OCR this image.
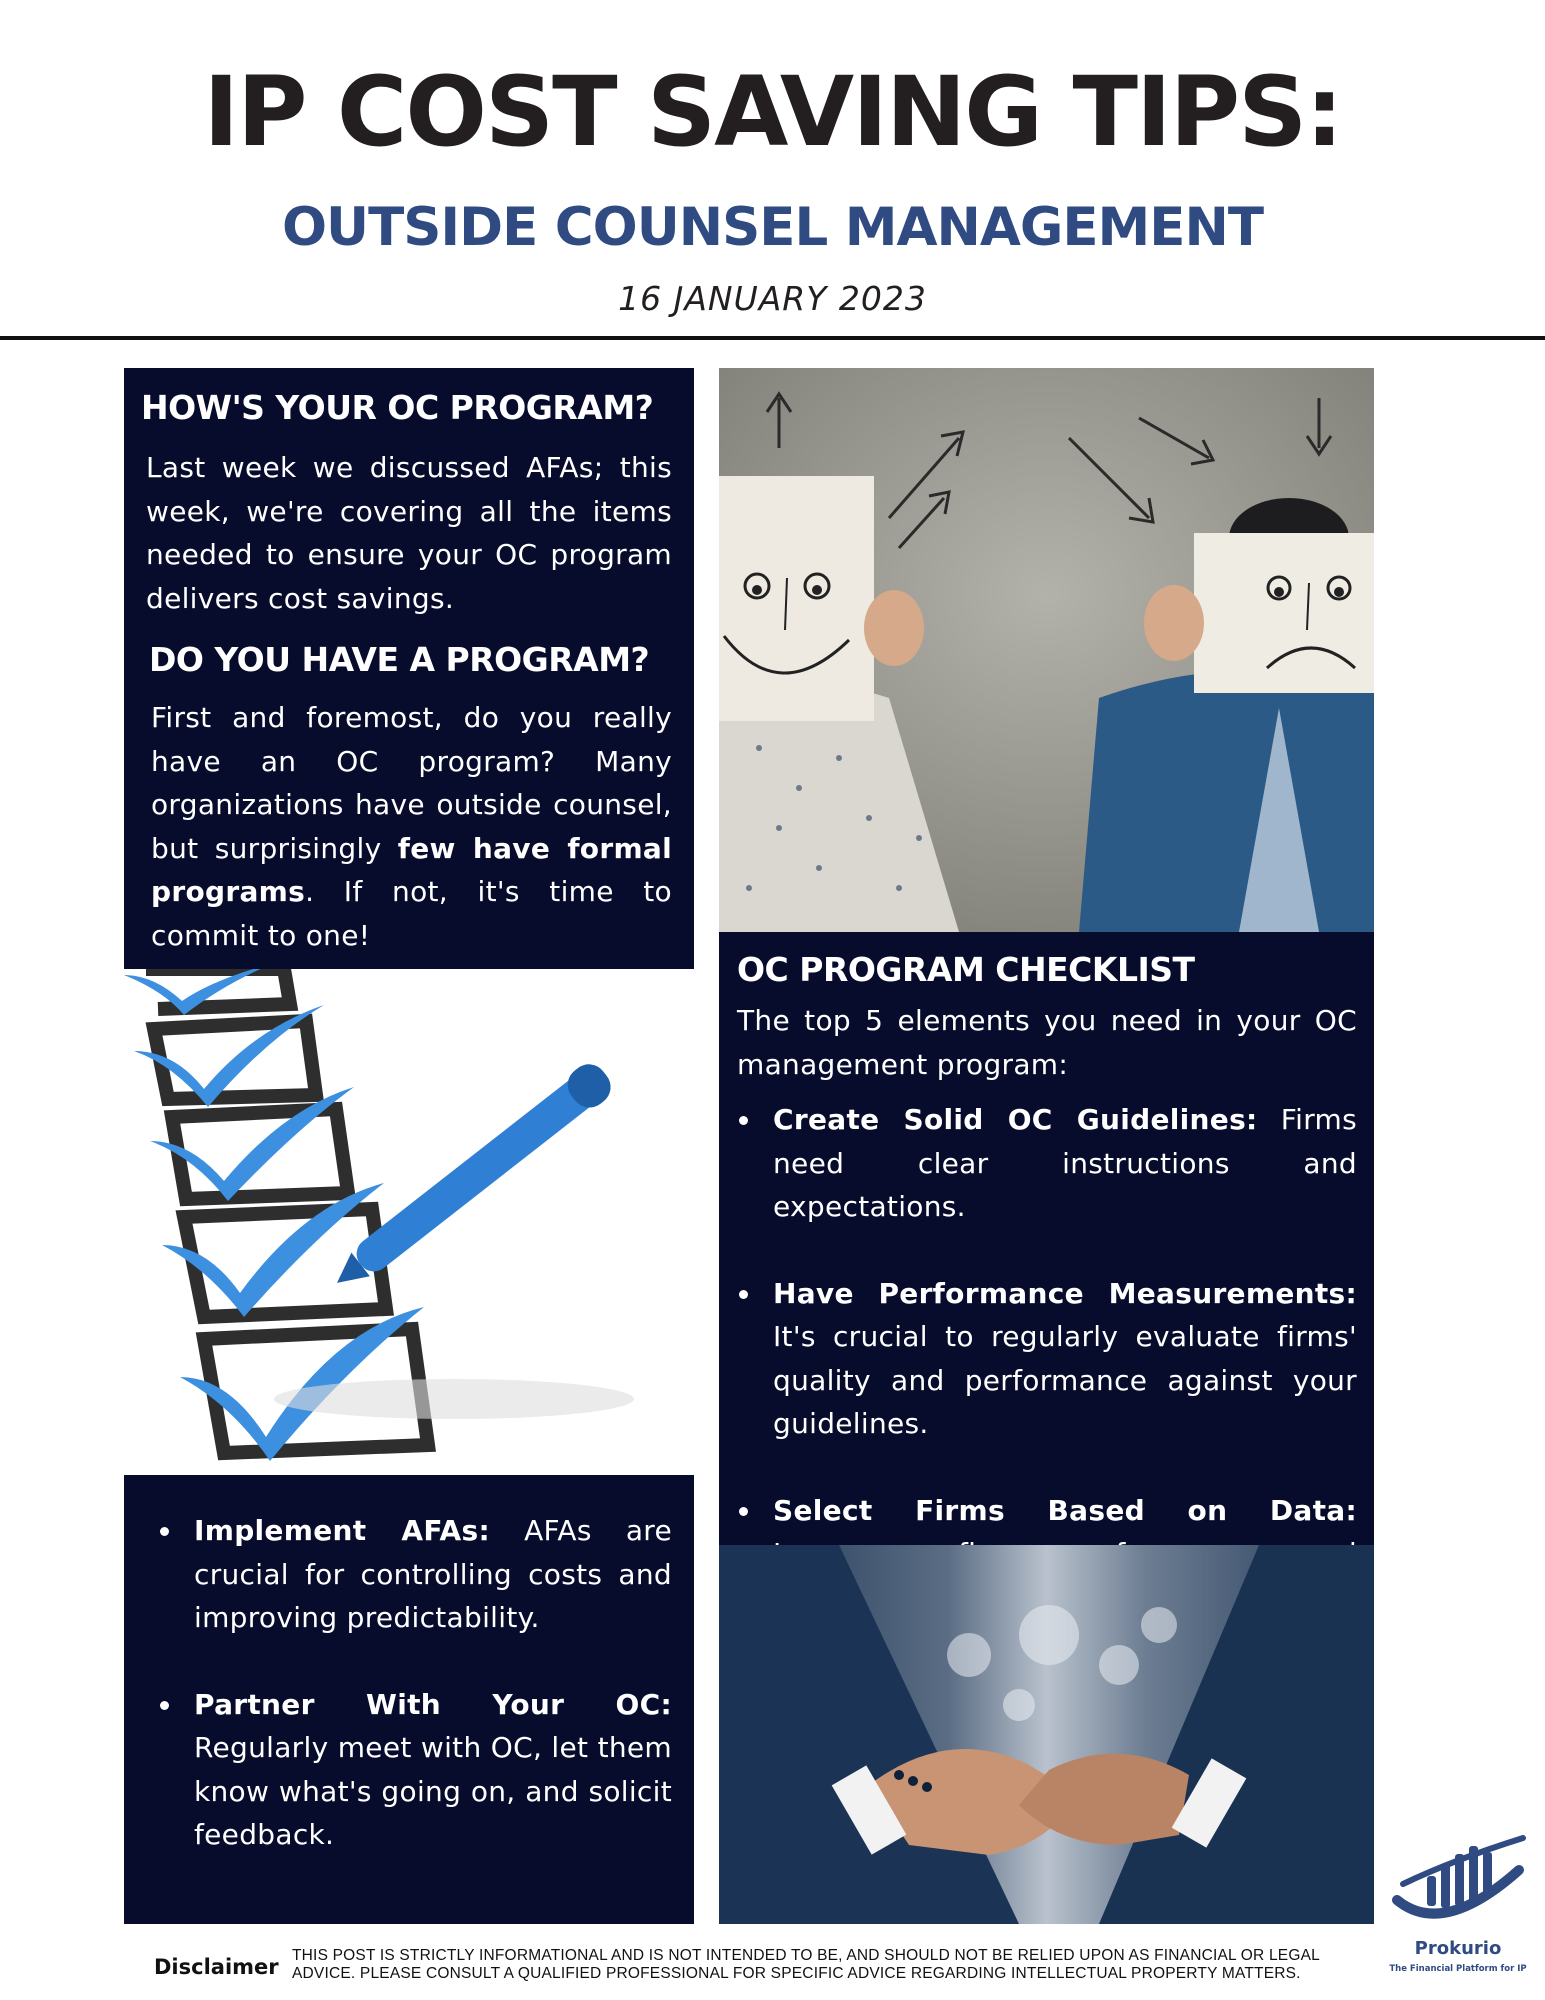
IP COST SAVING TIPS:
OUTSIDE COUNSEL MANAGEMENT
16 JANUARY 2023
HOW'S YOUR OC PROGRAM?
Last week we discussed AFAs; this week, we're covering all the items needed to ensure your OC program delivers cost savings.
DO YOU HAVE A PROGRAM?
First and foremost, do you really have an OC program? Many organizations have outside counsel, but surprisingly few have formal programs. If not, it's time to commit to one!
OC PROGRAM CHECKLIST
The top 5 elements you need in your OC management program:
Create Solid OC Guidelines: Firms need clear instructions and expectations.
Have Performance Measurements: It's crucial to regularly evaluate firms' quality and performance against your guidelines.
Select Firms Based on Data:
Implement AFAs: AFAs are crucial for controlling costs and improving predictability.
Partner With Your OC: Regularly meet with OC, let them know what's going on, and solicit feedback.
Disclaimer THIS POST IS STRICTLY INFORMATIONAL AND IS NOT INTENDED TO BE, AND SHOULD NOT BE RELIED UPON AS FINANCIAL OR LEGAL ADVICE. PLEASE CONSULT A QUALIFIED PROFESSIONAL FOR SPECIFIC ADVICE REGARDING INTELLECTUAL PROPERTY MATTERS.
Prokurio
The Financial Platform for IP
